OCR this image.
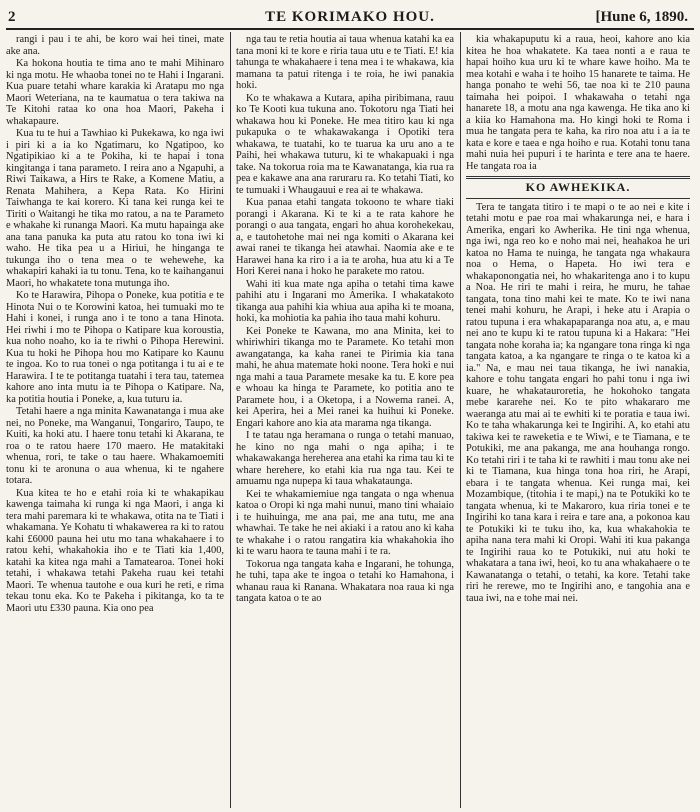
2	TE KORIMAKO HOU.	[Hune 6, 1890.

rangi i pau i te ahi, be koro wai hei tinei, mate ake ana.

Ka hokona houtia te tima ano te mahi Mihinaro ki nga motu. He whaoba tonei no te Hahi i Ingarani. Kua puare tetahi whare karakia ki Aratapu mo nga Maori Weteriana, na te kaumatua o tera takiwa na Te Kitohi rataa ko ona hoa Maori, Pakeha i whakapaure.

Kua tu te hui a Tawhiao ki Pukekawa, ko nga iwi i piri ki a ia ko Ngatimaru, ko Ngatipoo, ko Ngatipikiao ki a te Pokiha, ki te hapai i tona kingitanga i tana parameto. I reira ano a Ngapuhi, a Riwi Taikawa, a Hirs te Rake, a Komene Matiu, a Renata Mahihera, a Kepa Rata. Ko Hirini Taiwhanga te kai korero. Ki tana kei runga kei te Tiriti o Waitangi he tika mo ratou, a na te Parameto e whakahe ki runanga Maori. Ka mutu hapainga ake ana tana panuka ka puta atu ratou ko tona iwi ki waho. He tika pea u a Hiriui, he hinganga te tukunga iho o tena mea o te wehewehe, ka whakapiri kahaki ia tu tonu. Tena, ko te kaihanganui Maori, ho whakatete tona mutunga iho.

Ko te Harawira, Pihopa o Poneke, kua potitia e te Hinota Nui o te Korowini katoa, hei tumuaki mo te Hahi i konei, i runga ano i te tono a tana Hinota. Hei riwhi i mo te Pihopa o Katipare kua koroustia, kua noho noaho, ko ia te riwhi o Pihopa Herewini. Kua tu hoki he Pihopa hou mo Katipare ko Kaunu te ingoa. Ko to rua tonei o nga potitanga i tu ai e te Harawira. I te te potitanga tuatahi i tera tau, tatemea kahore ano inta mutu ia te Pihopa o Katipare. Na, ka potitia houtia i Poneke, a, kua tuturu ia.

Tetahi haere a nga minita Kawanatanga i mua ake nei, no Poneke, ma Wanganui, Tongariro, Taupo, te Kuiti, ka hoki atu. I haere tonu tetahi ki Akarana, te roa o te ratou haere 170 maero. He matakitaki whenua, rori, te take o tau haere. Whakamoemiti tonu ki te aronuna o aua whenua, ki te ngahere totara.

Kua kitea te ho e etahi roia ki te whakapikau kawenga taimaha ki runga ki nga Maori, i anga ki tera mahi paremara ki te whakawa, otita na te Tiati i whakamana. Ye Kohatu ti whakawerea ra ki to ratou kahi £6000 pauna hei utu mo tana whakahaere i to ratou kehi, whakahokia iho e te Tiati kia 1,400, katahi ka kitea nga mahi a Tamatearoa. Tonei hoki tetahi, i whakawa tetahi Pakeha ruau kei tetahi Maori. Te whenua tautohe e oua kuri he reti, e rima tekau tonu eka. Ko te Pakeha i pikitanga, ko ta te Maori utu £330 pauna. Kia ono pea

nga tau te retia houtia ai taua whenua katahi ka ea tana moni ki te kore e riria taua utu e te Tiati. E! kia tahunga te whakahaere i tena mea i te whakawa, kia mamana ta patui ritenga i te roia, he iwi panakia hoki.

Ko te whakawa a Kutara, apiha piribimana, rauu ko Te Kooti kua tukuna ano. Tokotoru nga Tiati hei whakawa hou ki Poneke. He mea titiro kau ki nga pukapuka o te whakawakanga i Opotiki tera whakawa, te tuatahi, ko te tuarua ka uru ano a te Paihi, hei whakawa tuturu, ki te whakapuaki i nga take. Na tokorua roia ma te Kawanatanga, kia rua ra pea e kakawe ana ana raruraru ra. Ko tetahi Tiati, ko te tumuaki i Whaugauui e rea ai te whakawa.

Kua panaa etahi tangata tokoono te whare tiaki porangi i Akarana. Ki te ki a te rata kahore he porangi o aua tangata, engari ho ahua korohekekau, a, e tautohetohe mai nei nga komiti o Akarana kei awai ranei te tikanga hei atawhai. Naomia ake e te Harawei hana ka riro i a ia te aroha, hua atu ki a Te Hori Kerei nana i hoko he parakete mo ratou.

Wahi iti kua mate nga apiha o tetahi tima kawe pahihi atu i Ingarani mo Amerika. I whakatakoto tikanga aua pahihi kia whiua aua apiha ki te moana, hoki, ka mohiotia ka pahia iho taua mahi kohuru.

Kei Poneke te Kawana, mo ana Minita, kei to whiriwhiri tikanga mo te Paramete. Ko tetahi mon awangatanga, ka kaha ranei te Pirimia kia tana mahi, he ahua matemate hoki noone. Tera hoki e nui nga mahi a taua Paramete mesake ka tu. E kore pea e whoau ka hinga te Paramete, ko potitia ano te Paramete hou, i a Oketopa, i a Nowema ranei. A, kei Aperira, hei a Mei ranei ka huihui ki Poneke. Engari kahore ano kia ata marama nga tikanga.

I te tatau nga heramana o runga o tetahi manuao, he kino no nga mahi o nga apiha; i te whakawakanga hereherea ana etahi ka rima tau ki te whare herehere, ko etahi kia rua nga tau. Kei te amuamu nga nupepa ki taua whakataunga.

Kei te whakamiemiue nga tangata o nga whenua katoa o Oropi ki nga mahi nunui, mano tini whaiaio i te huihuinga, me ana pai, me ana tutu, me ana whawhai. Te take he nei akiaki i a ratou ano ki kaha te whakahe i o ratou rangatira kia whakahokia iho ki te waru haora te tauna mahi i te ra.

Tokorua nga tangata kaha e Ingarani, he tohunga, he tuhi, tapa ake te ingoa o tetahi ko Hamahona, i whanau raua ki Ranana. Whakatara noa raua ki nga tangata katoa o te ao

kia whakapuputu ki a raua, heoi, kahore ano kia kitea he hoa whakatete. Ka taea nonti a e raua te hapai hoiho kua uru ki te whare kawe hoiho. Ma te mea kotahi e waha i te hoiho 15 hanarete te taima. He hanga ponaho te wehi 56, tae noa ki te 210 pauna taimaha hei poipoi. I whakawaha o tetahi nga hanarete 18, a motu ana nga kawenga. He tika ano ki a kiia ko Hamahona ma. Ho kingi hoki te Roma i mua he tangata pera te kaha, ka riro noa atu i a ia te kata e kore e taea e nga hoiho e rua. Kotahi tonu tana mahi nuia hei pupuri i te harinta e tere ana te haere. He tangata roa ia

KO AWHEKIKA.

Tera te tangata titiro i te mapi o te ao nei e kite i tetahi motu e pae roa mai whakarunga nei, e hara i Amerika, engari ko Awherika. He tini nga whenua, nga iwi, nga reo ko e noho mai nei, heahakoa he uri katoa no Hama te nuinga, he tangata nga whakaura noa o Hema, o Hapeta. Ho iwi tera e whakaponongatia nei, ho whakaritenga ano i to kupu a Noa. He riri te mahi i reira, he muru, he tahae tangata, tona tino mahi kei te mate. Ko te iwi nana tenei mahi kohuru, he Arapi, i heke atu i Arapia o ratou tupuna i era whakapaparanga noa atu, a, e mau nei ano te kupu ki te ratou tupuna ki a Hakara: "Hei tangata nohe koraha ia; ka ngangare tona ringa ki nga tangata katoa, a ka ngangare te ringa o te katoa ki a ia." Na, e mau nei taua tikanga, he iwi nanakia, kahore e tohu tangata engari ho pahi tonu i nga iwi kuare, he whakatauroretia, he hokohoko tangata mebe kararehe nei. Ko te pito whakararo me waeranga atu mai ai te ewhiti ki te poratia e taua iwi. Ko te taha whakarunga kei te Ingirihi. A, ko etahi atu takiwa kei te raweketia e te Wiwi, e te Tiamana, e te Potukiki, me ana pakanga, me ana houhanga rongo. Ko tetahi riri i te taha ki te rawhiti i mau tonu ake nei ki te Tiamana, kua hinga tona hoa riri, he Arapi, ebara i te tangata whenua. Kei runga mai, kei Mozambique, (titohia i te mapi,) na te Potukiki ko te tangata whenua, ki te Makaroro, kua riria tonei e te Ingirihi ko tana kara i reira e tare ana, a pokonoa kau te Potukiki ki te tuku iho, ka, kua whakahokia te apiha nana tera mahi ki Oropi. Wahi iti kua pakanga te Ingirihi raua ko te Potukiki, nui atu hoki te whakatara a tana iwi, heoi, ko tu ana whakahaere o te Kawanatanga o tetahi, o tetahi, ka kore. Tetahi take riri he rerewe, mo te Ingirihi ano, e tangohia ana e taua iwi, na e tohe mai nei.
